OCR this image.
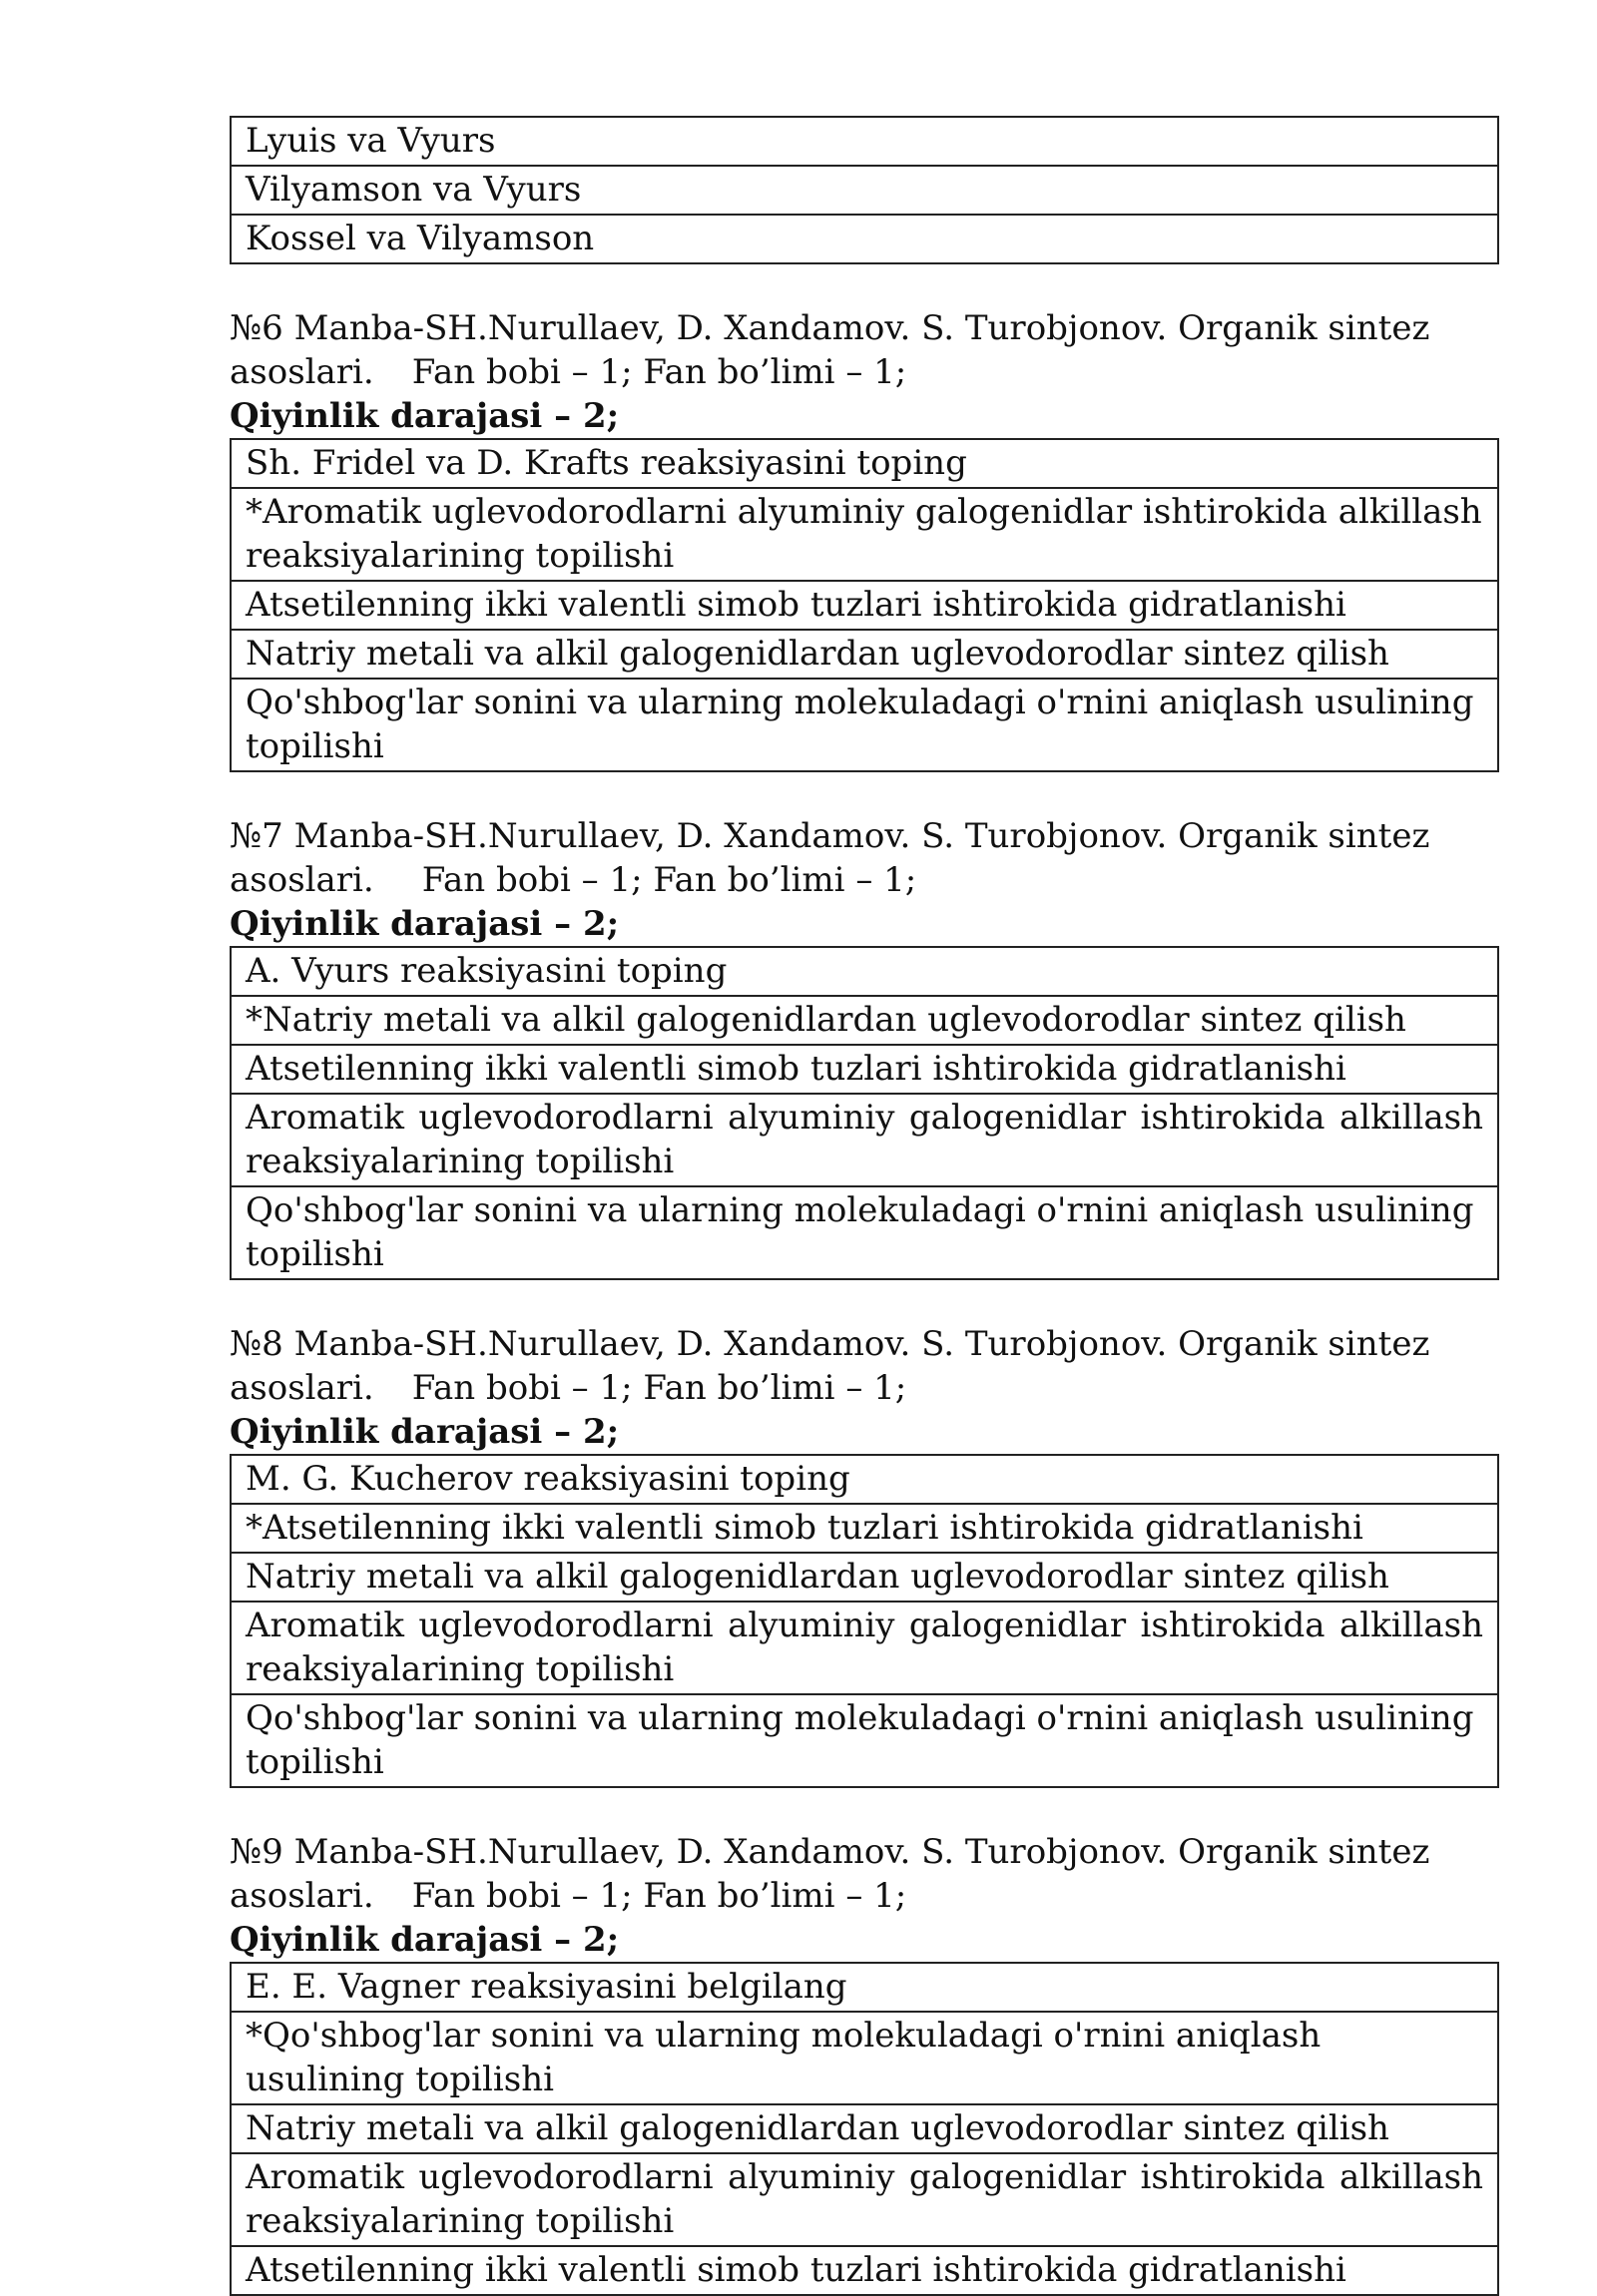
Lyuis va Vyurs
Vilyamson va Vyurs
Kossel va Vilyamson
№6 Manba-SH.Nurullaev, D. Xandamov. S. Turobjonov. Organik sintez
asoslari. Fan bobi – 1; Fan bo’limi – 1;
Qiyinlik darajasi – 2;
Sh. Fridel va D. Krafts reaksiyasini toping
*Aromatik uglevodorodlarni alyuminiy galogenidlar ishtirokida alkillash reaksiyalarining topilishi
Atsetilenning ikki valentli simob tuzlari ishtirokida gidratlanishi
Natriy metali va alkil galogenidlardan uglevodorodlar sintez qilish
Qo'shbog'lar sonini va ularning molekuladagi o'rnini aniqlash usulining topilishi
№7 Manba-SH.Nurullaev, D. Xandamov. S. Turobjonov. Organik sintez
asoslari. Fan bobi – 1; Fan bo’limi – 1;
Qiyinlik darajasi – 2;
A. Vyurs reaksiyasini toping
*Natriy metali va alkil galogenidlardan uglevodorodlar sintez qilish
Atsetilenning ikki valentli simob tuzlari ishtirokida gidratlanishi
Aromatik uglevodorodlarni alyuminiy galogenidlar ishtirokida alkillash reaksiyalarining topilishi
Qo'shbog'lar sonini va ularning molekuladagi o'rnini aniqlash usulining topilishi
№8 Manba-SH.Nurullaev, D. Xandamov. S. Turobjonov. Organik sintez
asoslari. Fan bobi – 1; Fan bo’limi – 1;
Qiyinlik darajasi – 2;
M. G. Kucherov reaksiyasini toping
*Atsetilenning ikki valentli simob tuzlari ishtirokida gidratlanishi
Natriy metali va alkil galogenidlardan uglevodorodlar sintez qilish
Aromatik uglevodorodlarni alyuminiy galogenidlar ishtirokida alkillash reaksiyalarining topilishi
Qo'shbog'lar sonini va ularning molekuladagi o'rnini aniqlash usulining topilishi
№9 Manba-SH.Nurullaev, D. Xandamov. S. Turobjonov. Organik sintez
asoslari. Fan bobi – 1; Fan bo’limi – 1;
Qiyinlik darajasi – 2;
E. E. Vagner reaksiyasini belgilang
*Qo'shbog'lar sonini va ularning molekuladagi o'rnini aniqlash usulining topilishi
Natriy metali va alkil galogenidlardan uglevodorodlar sintez qilish
Aromatik uglevodorodlarni alyuminiy galogenidlar ishtirokida alkillash reaksiyalarining topilishi
Atsetilenning ikki valentli simob tuzlari ishtirokida gidratlanishi
